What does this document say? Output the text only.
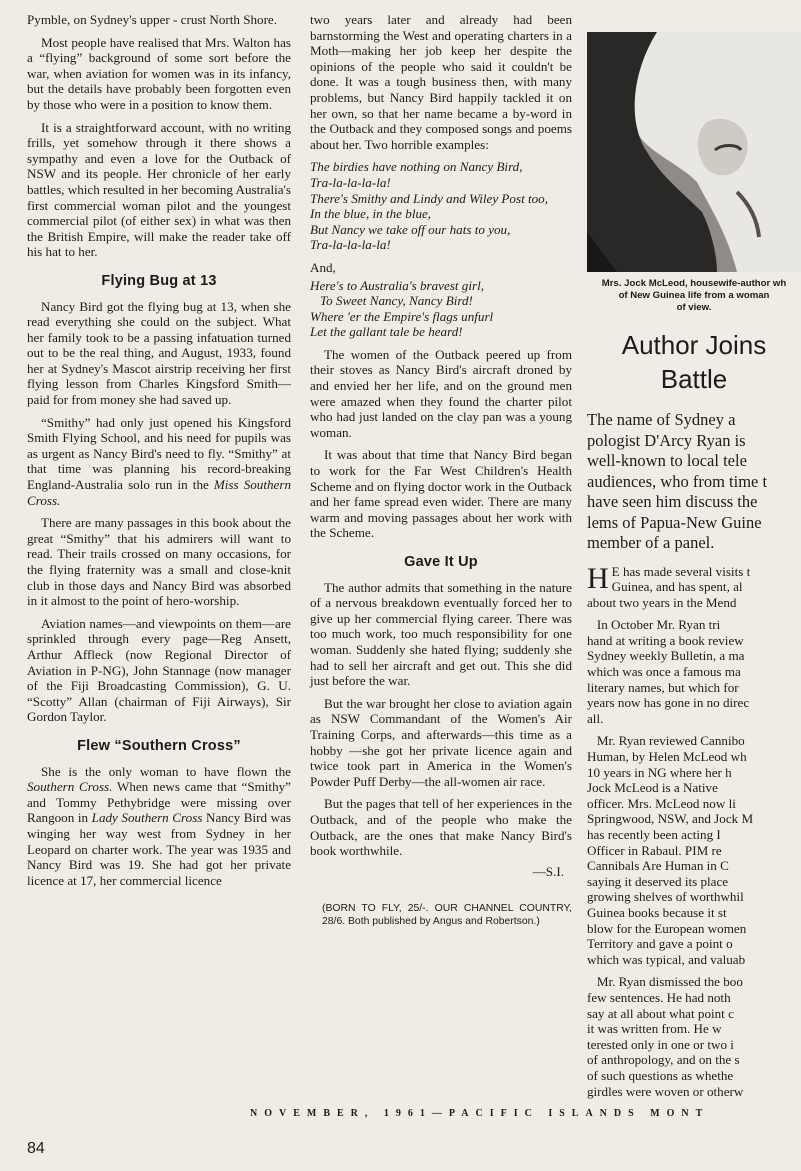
Pymble, on Sydney's upper - crust North Shore.

Most people have realised that Mrs. Walton has a “flying” background of some sort before the war, when aviation for women was in its infancy, but the details have probably been forgotten even by those who were in a position to know them.

It is a straightforward account, with no writing frills, yet somehow through it there shows a sympathy and even a love for the Outback of NSW and its people. Her chronicle of her early battles, which resulted in her becoming Australia's first commercial woman pilot and the youngest commercial pilot (of either sex) in what was then the British Empire, will make the reader take off his hat to her.

Flying Bug at 13

Nancy Bird got the flying bug at 13, when she read everything she could on the subject. What her family took to be a passing infatuation turned out to be the real thing, and August, 1933, found her at Sydney's Mascot airstrip receiving her first flying lesson from Charles Kingsford Smith—paid for from money she had saved up.

“Smithy” had only just opened his Kingsford Smith Flying School, and his need for pupils was as urgent as Nancy Bird's need to fly. “Smithy” at that time was planning his record-breaking England-Australia solo run in the Miss Southern Cross.

There are many passages in this book about the great “Smithy” that his admirers will want to read. Their trails crossed on many occasions, for the flying fraternity was a small and close-knit club in those days and Nancy Bird was absorbed in it almost to the point of hero-worship.

Aviation names—and viewpoints on them—are sprinkled through every page—Reg Ansett, Arthur Affleck (now Regional Director of Aviation in P-NG), John Stannage (now manager of the Fiji Broadcasting Commission), G. U. “Scotty” Allan (chairman of Fiji Airways), Sir Gordon Taylor.

Flew “Southern Cross”

She is the only woman to have flown the Southern Cross. When news came that “Smithy” and Tommy Pethybridge were missing over Rangoon in Lady Southern Cross Nancy Bird was winging her way west from Sydney in her Leopard on charter work. The year was 1935 and Nancy Bird was 19. She had got her private licence at 17, her commercial licence

two years later and already had been barnstorming the West and operating charters in a Moth—making her job keep her despite the opinions of the people who said it couldn't be done. It was a tough business then, with many problems, but Nancy Bird happily tackled it on her own, so that her name became a by-word in the Outback and they composed songs and poems about her. Two horrible examples:

The birdies have nothing on Nancy Bird,
Tra-la-la-la-la!
There's Smithy and Lindy and Wiley Post too,
In the blue, in the blue,
But Nancy we take off our hats to you,
Tra-la-la-la-la!

And,

Here's to Australia's bravest girl,
To Sweet Nancy, Nancy Bird!
Where 'er the Empire's flags unfurl
Let the gallant tale be heard!

The women of the Outback peered up from their stoves as Nancy Bird's aircraft droned by and envied her her life, and on the ground men were amazed when they found the charter pilot who had just landed on the clay pan was a young woman.

It was about that time that Nancy Bird began to work for the Far West Children's Health Scheme and on flying doctor work in the Outback and her fame spread even wider. There are many warm and moving passages about her work with the Scheme.

Gave It Up

The author admits that something in the nature of a nervous breakdown eventually forced her to give up her commercial flying career. There was too much work, too much responsibility for one woman. Suddenly she hated flying; suddenly she had to sell her aircraft and get out. This she did just before the war.

But the war brought her close to aviation again as NSW Commandant of the Women's Air Training Corps, and afterwards—this time as a hobby —she got her private licence again and twice took part in America in the Women's Powder Puff Derby—the all-women air race.

But the pages that tell of her experiences in the Outback, and of the people who make the Outback, are the ones that make Nancy Bird's book worthwhile.

—S.I.

(BORN TO FLY, 25/-. OUR CHANNEL COUNTRY, 28/6. Both published by Angus and Robertson.)

Mrs. Jock McLeod, housewife-author wh
of New Guinea life from a woman
of view.
Author Joins
Battle
The name of Sydney a
pologist D'Arcy Ryan is
well-known to local tele
audiences, who from time t
have seen him discuss the
lems of Papua-New Guine
member of a panel.

H E has made several visits t
Guinea, and has spent, al
about two years in the Mend

In October Mr. Ryan tri
hand at writing a book review
Sydney weekly Bulletin, a ma
which was once a famous ma
literary names, but which for
years now has gone in no direc
all.

Mr. Ryan reviewed Cannibo
Human, by Helen McLeod wh
10 years in NG where her h
Jock McLeod is a Native
officer. Mrs. McLeod now li
Springwood, NSW, and Jock M
has recently been acting I
Officer in Rabaul. PIM re
Cannibals Are Human in C
saying it deserved its place
growing shelves of worthwhil
Guinea books because it st
blow for the European women
Territory and gave a point o
which was typical, and valuab

Mr. Ryan dismissed the boo
few sentences. He had noth
say at all about what point c
it was written from. He w
terested only in one or two i
of anthropology, and on the s
of such questions as whethe
girdles were woven or otherw

NOVEMBER, 1961—PACIFIC ISLANDS MONT
84
